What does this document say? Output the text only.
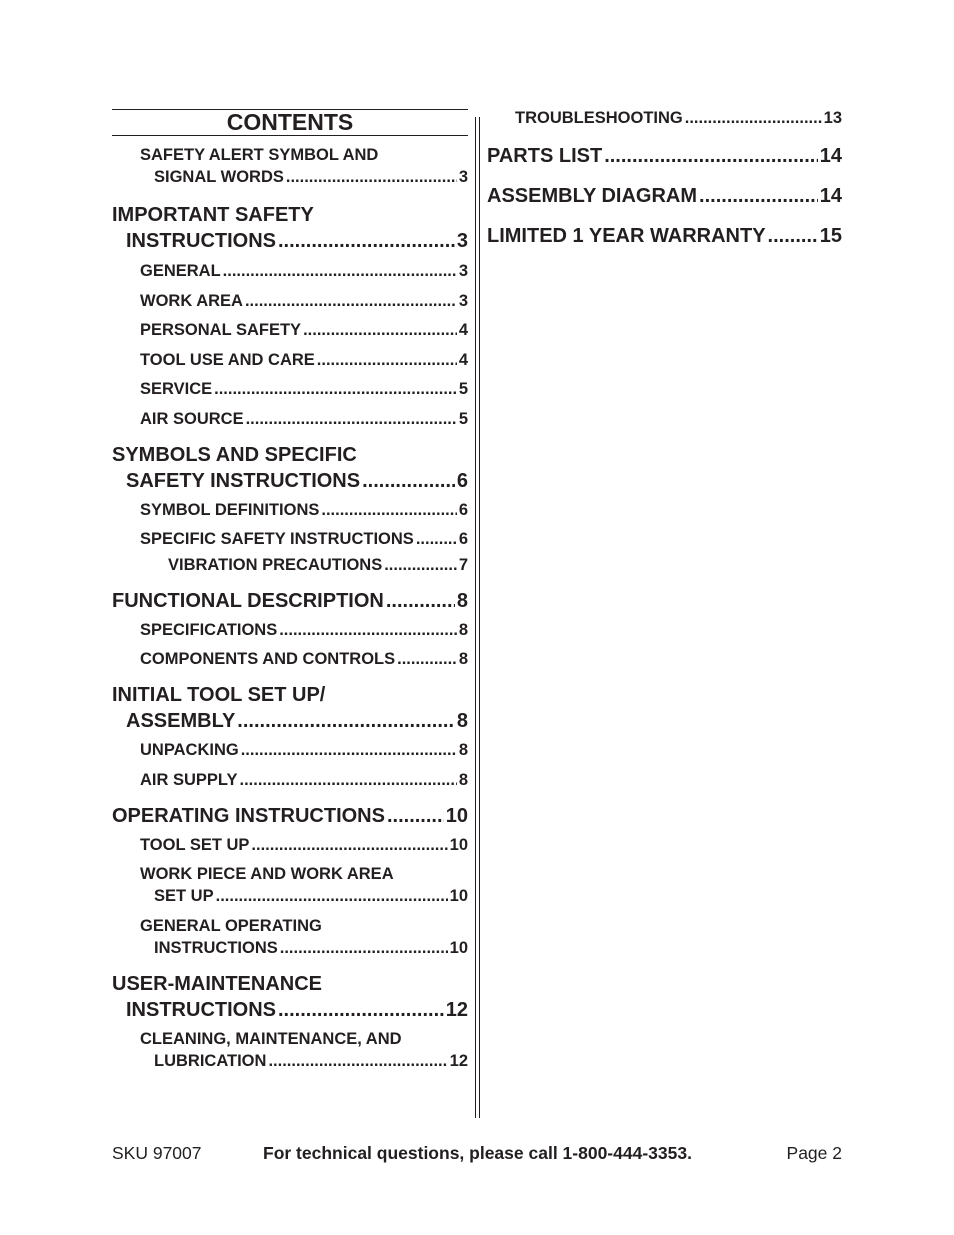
CONTENTS
SAFETY ALERT SYMBOL AND
SIGNAL WORDS .....	3
IMPORTANT SAFETY
INSTRUCTIONS .....	3
GENERAL .....	3
WORK AREA .....	3
PERSONAL SAFETY .....	4
TOOL USE AND CARE .....	4
SERVICE .....	5
AIR SOURCE .....	5
SYMBOLS AND SPECIFIC
SAFETY INSTRUCTIONS .....	6
SYMBOL DEFINITIONS .....	6
SPECIFIC SAFETY INSTRUCTIONS .....	6
VIBRATION PRECAUTIONS .....	7
FUNCTIONAL DESCRIPTION .....	8
SPECIFICATIONS .....	8
COMPONENTS AND CONTROLS .....	8
INITIAL TOOL SET UP/
ASSEMBLY .....	8
UNPACKING .....	8
AIR SUPPLY .....	8
OPERATING INSTRUCTIONS .....	10
TOOL SET UP .....	10
WORK PIECE AND WORK AREA
SET UP .....	10
GENERAL OPERATING
INSTRUCTIONS .....	10
USER-MAINTENANCE
INSTRUCTIONS .....	12
CLEANING, MAINTENANCE, AND
LUBRICATION .....	12
TROUBLESHOOTING .....	13
PARTS LIST .....	14
ASSEMBLY DIAGRAM .....	14
LIMITED 1 YEAR WARRANTY .....	15
SKU 97007	For technical questions, please call 1-800-444-3353.	Page 2
